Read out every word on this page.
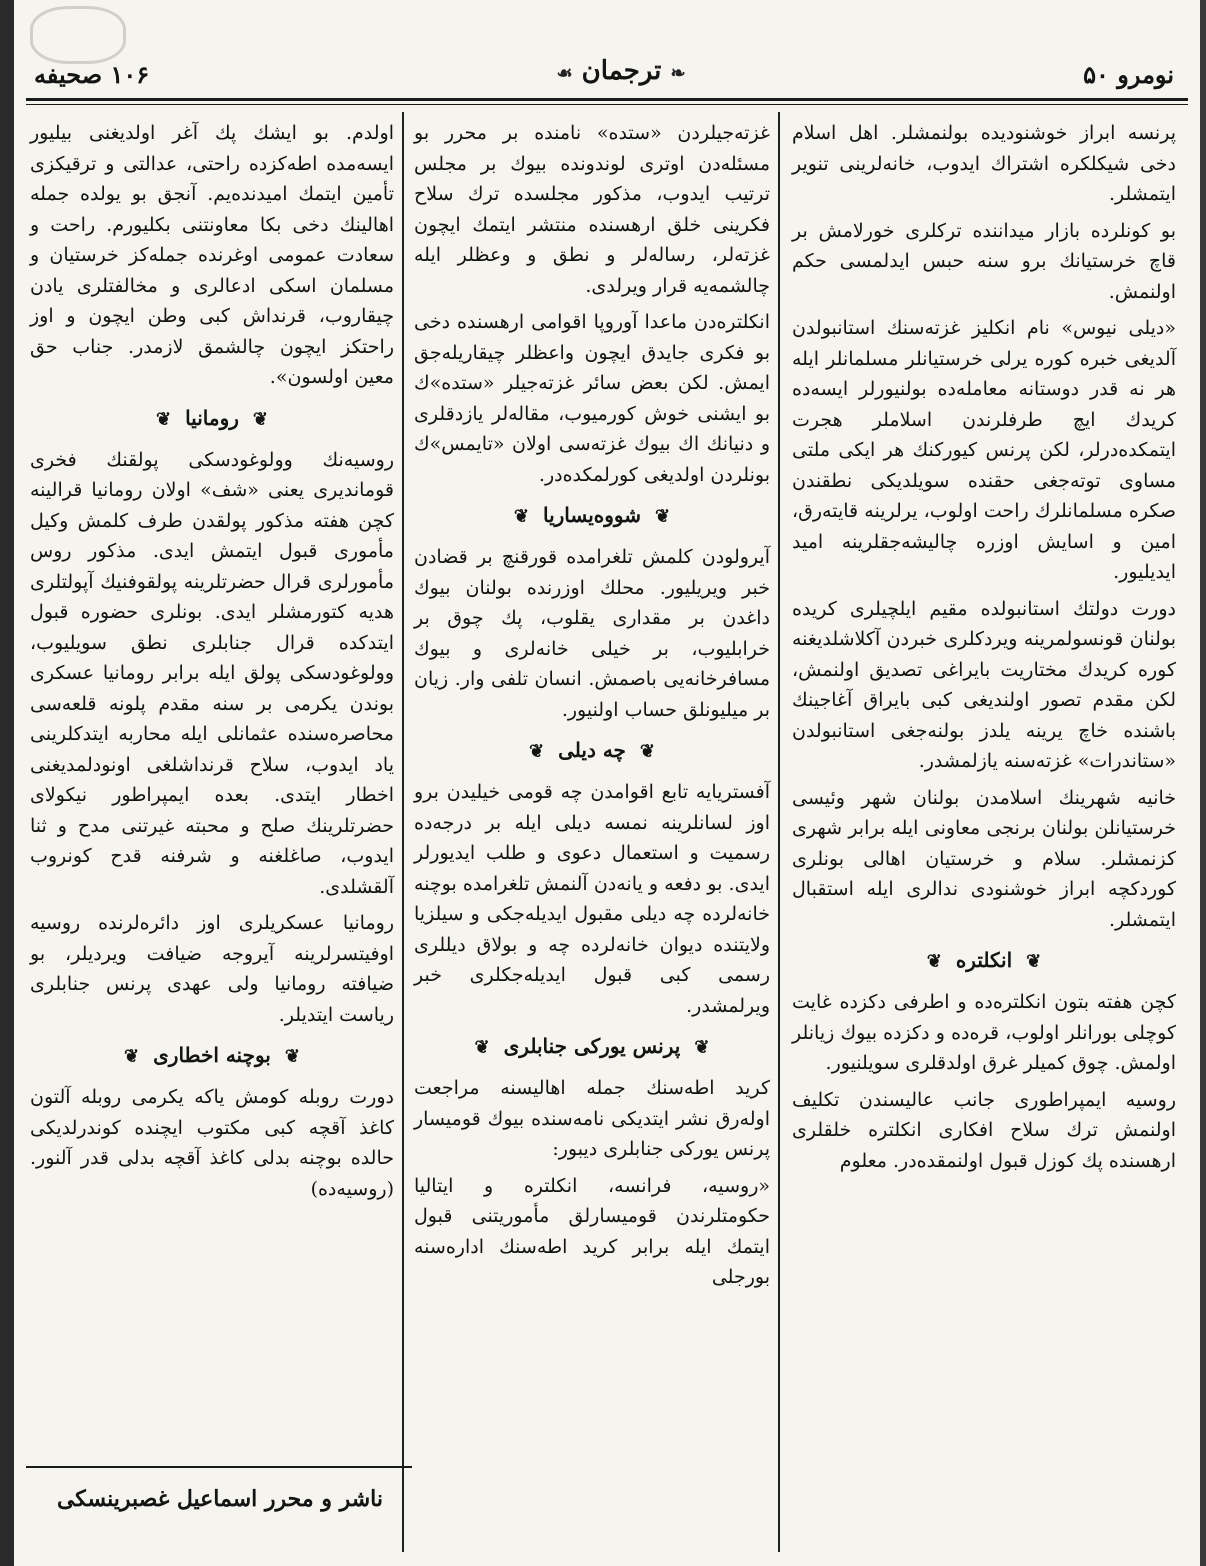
۱۰۶ صحیفه	❧ ترجمان ☙	نومرو ۵۰

پرنسه ابراز خوشنودیده بولنمشلر. اهل اسلام دخی شیکلکره اشتراك ایدوب، خانه‌لرینی تنویر ایتمشلر.

بو کونلرده بازار میداننده ترکلری خورلامش بر قاچ خرستیانك برو سنه حبس ایدلمسی حکم اولنمش.

«دیلی نیوس» نام انکلیز غزته‌سنك استانبولدن آلدیغی خبره کوره یرلی خرستیانلر مسلمانلر ایله هر نه قدر دوستانه معامله‌ده بولنیورلر ایسه‌ده کریدك ایچ طرفلرندن اسلاملر هجرت ایتمکده‌درلر، لکن پرنس کیورکنك هر ایکی ملتی مساوی توته‌جغی حقنده سویلدیکی نطقندن صکره مسلمانلرك راحت اولوب، یرلرینه قایته‌رق، امین و اسایش اوزره چالیشه‌جقلرینه امید ایدیلیور.

دورت دولتك استانبولده مقیم ایلچیلری کریده بولنان قونسولمرینه ویردکلری خبردن آکلاشلدیغنه کوره کریدك مختاریت بایراغی تصدیق اولنمش، لکن مقدم تصور اولندیغی کبی بایراق آغاجینك باشنده خاچ یرینه یلدز بولنه‌جغی استانبولدن «ستاندرات» غزته‌سنه یازلمشدر.

خانیه شهرینك اسلامدن بولنان شهر وئیسی خرستیانلن بولنان برنجی معاونی ایله برابر شهری کزنمشلر. سلام و خرستیان اهالی بونلری کوردکچه ابراز خوشنودی ندالری ایله استقبال ایتمشلر.

❦انکلتره❦

کچن هفته بتون انکلتره‌ده و اطرفی دکزده غایت کوچلی بورانلر اولوب، قره‌ده و دکزده بیوك زیانلر اولمش. چوق کمیلر غرق اولدقلری سویلنیور.

روسیه ایمپراطوری جانب عالیسندن تکلیف اولنمش ترك سلاح افکاری انکلتره خلقلری ارهسنده پك کوزل قبول اولنمقده‌در. معلوم

غزته‌جیلردن «ستده» نامنده بر محرر بو مسئله‌دن اوتری لوندونده بیوك بر مجلس ترتیب ایدوب، مذکور مجلسده ترك سلاح فکرینی خلق ارهسنده منتشر ایتمك ایچون غزته‌لر، رساله‌لر و نطق و وعظلر ایله چالشمه‌یه قرار ویرلدی.

انکلتره‌دن ماعدا آوروپا اقوامی ارهسنده دخی بو فکری جایدق ایچون واعظلر چیقاریله‌جق ایمش. لکن بعض سائر غزته‌جیلر «ستده»ك بو ایشنی خوش کورمیوب، مقاله‌لر یازدقلری و دنیانك اك بیوك غزته‌سی اولان «تایمس»ك بونلردن اولدیغی کورلمکده‌در.

❦شووه‌یساریا❦

آیرولودن کلمش تلغرامده قورقنچ بر قضادن خبر ویریلیور. محلك اوزرنده بولنان بیوك داغدن بر مقداری یقلوب، پك چوق بر خرابلیوب، بر خیلی خانه‌لری و بیوك مسافرخانه‌یی باصمش. انسان تلفی وار. زیان بر میلیونلق حساب اولنیور.

❦چه دیلی❦

آفستریایه تابع اقوامدن چه قومی خیلیدن برو اوز لسانلرینه نمسه دیلی ایله بر درجه‌ده رسمیت و استعمال دعوی و طلب ایدیورلر ایدی. بو دفعه و یانه‌دن آلنمش تلغرامده بوچنه خانه‌لرده چه دیلی مقبول ایدیله‌جکی و سیلزیا ولایتنده دیوان خانه‌لرده چه و بولاق دیللری رسمی کبی قبول ایدیله‌جکلری خبر ویرلمشدر.

❦پرنس یورکی جنابلری❦

کرید اطه‌سنك جمله اهالیسنه مراجعت اوله‌رق نشر ایتدیکی نامه‌سنده بیوك قومیسار پرنس یورکی جنابلری دیبور:

«روسیه، فرانسه، انکلتره و ایتالیا حکومتلرندن قومیسارلق مأموریتنی قبول ایتمك ایله برابر کرید اطه‌سنك اداره‌سنه بورجلی

اولدم. بو ایشك پك آغر اولدیغنی بیلیور ایسه‌مده اطه‌کزده راحتی، عدالتی و ترقیکزی تأمین ایتمك امیدنده‌یم. آنجق بو یولده جمله اهالینك دخی بکا معاونتنی بکلیورم. راحت و سعادت عمومی اوغرنده جمله‌کز خرستیان و مسلمان اسکی ادعالری و مخالفتلری یادن چیقاروب، قرنداش کبی وطن ایچون و اوز راحتکز ایچون چالشمق لازمدر. جناب حق معین اولسون».

❦رومانیا❦

روسیه‌نك وولوغودسکی پولقنك فخری قوماندیری یعنی «شف» اولان رومانیا قرالینه کچن هفته مذکور پولقدن طرف کلمش وکیل مأموری قبول ایتمش ایدی. مذکور روس مأمورلری قرال حضرتلرینه پولقوفنیك آپولتلری هدیه کتورمشلر ایدی. بونلری حضوره قبول ایتدکده قرال جنابلری نطق سویلیوب، وولوغودسکی پولق ایله برابر رومانیا عسکری بوندن یکرمی بر سنه مقدم پلونه قلعه‌سی محاصره‌سنده عثمانلی ایله محاربه ایتدکلرینی یاد ایدوب، سلاح قرنداشلغی اونودلمدیغنی اخطار ایتدی. بعده ایمپراطور نیکولای حضرتلرینك صلح و محبته غیرتنی مدح و ثنا ایدوب، صاغلغنه و شرفنه قدح کونروب آلقشلدی.

رومانیا عسکریلری اوز دائره‌لرنده روسیه اوفیتسرلرینه آیروجه ضیافت ویردیلر، بو ضیافته رومانیا ولی عهدی پرنس جنابلری ریاست ایتدیلر.

❦بوچنه اخطاری❦

دورت روبله کومش یاکه یکرمی روبله آلتون کاغذ آقچه کبی مکتوب ایچنده کوندرلدیکی حالده بوچنه بدلی کاغذ آقچه بدلی قدر آلنور. (روسیه‌ده)

ناشر و محرر اسماعیل غصبرینسکی
